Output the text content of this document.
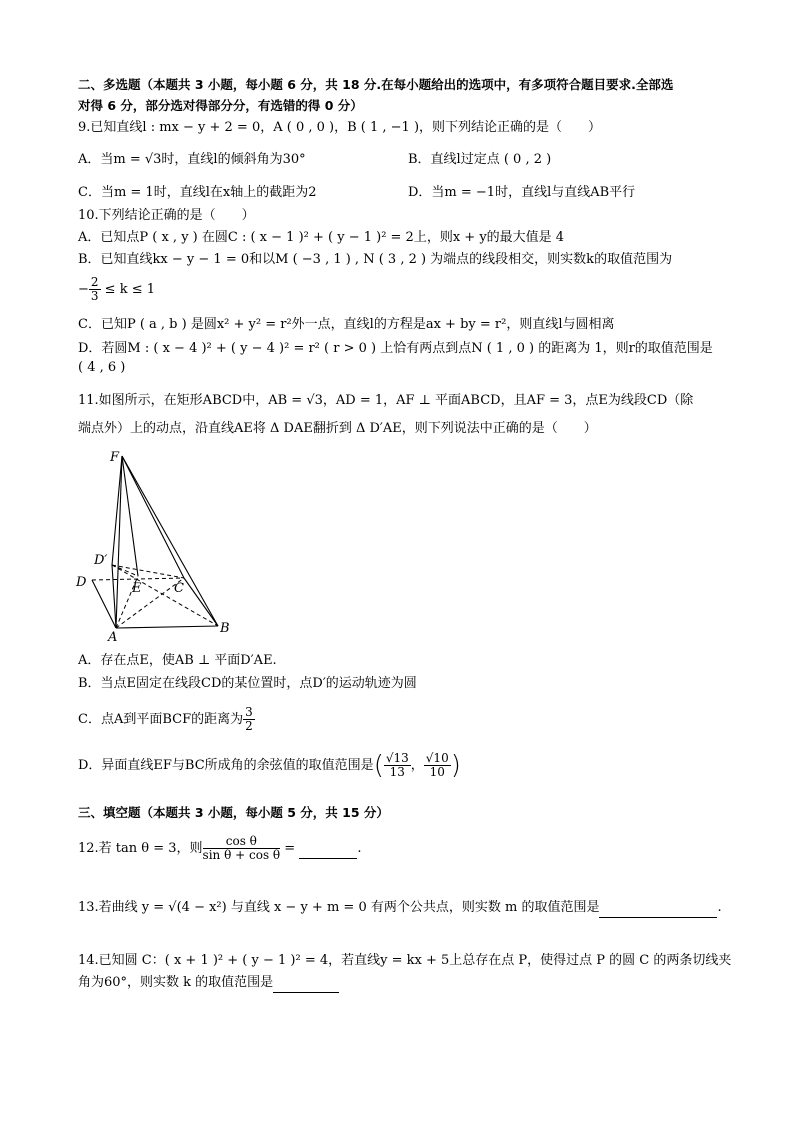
二、多选题（本题共 3 小题，每小题 6 分，共 18 分.在每小题给出的选项中，有多项符合题目要求.全部选
对得 6 分，部分选对得部分分，有选错的得 0 分）
9.已知直线l : mx − y + 2 = 0，A ( 0 , 0 )，B ( 1 , −1 )，则下列结论正确的是（　　）
A．当m = √3时，直线l的倾斜角为30°	B．直线l过定点 ( 0 , 2 )
C．当m = 1时，直线l在x轴上的截距为2	D．当m = −1时，直线l与直线AB平行
10.下列结论正确的是（　　）
A．已知点P ( x , y ) 在圆C : ( x − 1 )² + ( y − 1 )² = 2上，则x + y的最大值是 4
B．已知直线kx − y − 1 = 0和以M ( −3 , 1 ) , N ( 3 , 2 ) 为端点的线段相交，则实数k的取值范围为
− $\frac{2}{3} \le k \le 1$
C．已知P ( a , b ) 是圆x² + y² = r²外一点，直线l的方程是ax + by = r²，则直线l与圆相离
D．若圆M : ( x − 4 )² + ( y − 4 )² = r² ( r > 0 ) 上恰有两点到点N ( 1 , 0 ) 的距离为 1，则r的取值范围是
( 4 , 6 )
11.如图所示，在矩形ABCD中，AB = √3，AD = 1，AF ⊥ 平面ABCD，且AF = 3，点E为线段CD（除
端点外）上的动点，沿直线AE将 Δ DAE翻折到 Δ D′AE，则下列说法中正确的是（　　）
F
D′
D	E	C
A
B
A．存在点E，使AB ⊥ 平面D′AE.
B．当点E固定在线段CD的某位置时，点D′的运动轨迹为圆
C．点A到平面BCF的距离为 $\frac{3}{2}$
D．异面直线EF与BC所成角的余弦值的取值范围是( $\frac{√13}{13}$ ， $\frac{√10}{10}$ )
三、填空题（本题共 3 小题，每小题 5 分，共 15 分）
12.若 tan θ = 3，则 $\frac{\text{cos θ}}{\text{sin θ + cos θ}}$ =	.
13.若曲线 y = √(4 − x²) 与直线 x − y + m = 0 有两个公共点，则实数 m 的取值范围是	.
14.已知圆 C：( x + 1 )² + ( y − 1 )² = 4，若直线y = kx + 5上总存在点 P，使得过点 P 的圆 C 的两条切线夹
角为60°，则实数 k 的取值范围是
